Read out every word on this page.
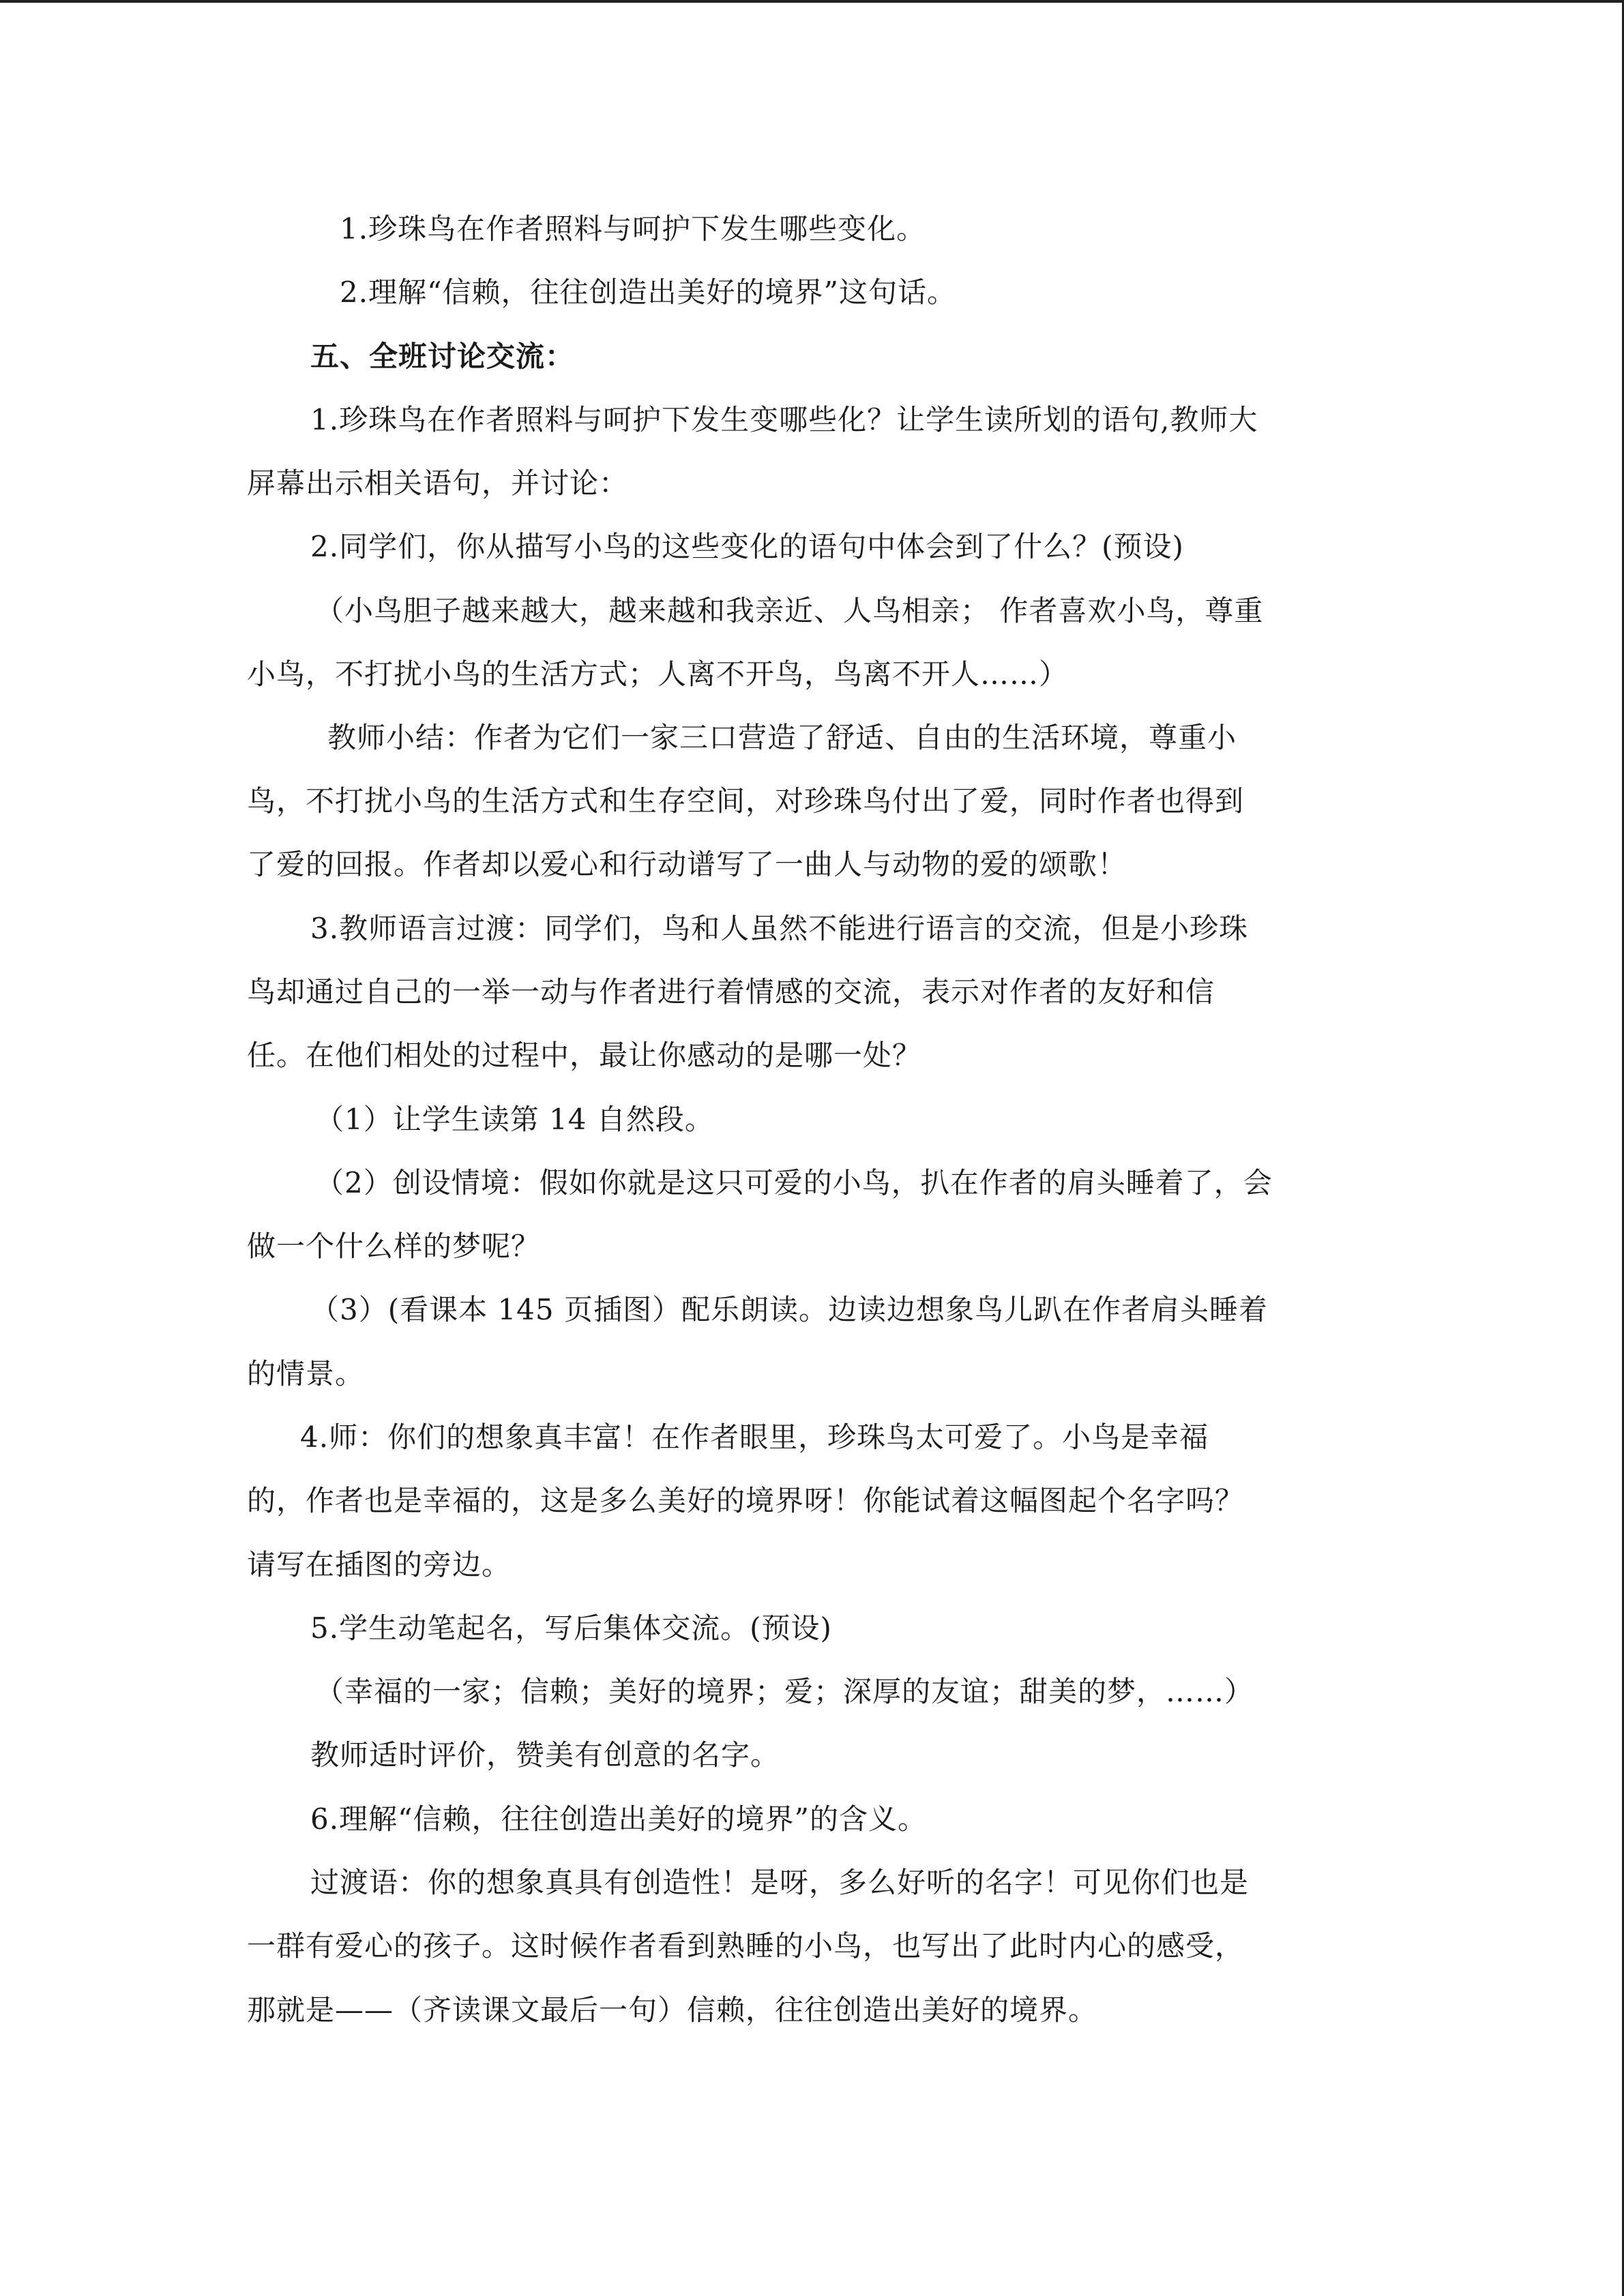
1.珍珠鸟在作者照料与呵护下发生哪些变化。
2.理解“信赖，往往创造出美好的境界”这句话。
五、全班讨论交流：
1.珍珠鸟在作者照料与呵护下发生变哪些化？让学生读所划的语句,教师大
屏幕出示相关语句，并讨论：
2.同学们，你从描写小鸟的这些变化的语句中体会到了什么？(预设)
（小鸟胆子越来越大，越来越和我亲近、人鸟相亲； 作者喜欢小鸟，尊重
小鸟，不打扰小鸟的生活方式；人离不开鸟，鸟离不开人……）
教师小结：作者为它们一家三口营造了舒适、自由的生活环境，尊重小
鸟，不打扰小鸟的生活方式和生存空间，对珍珠鸟付出了爱，同时作者也得到
了爱的回报。作者却以爱心和行动谱写了一曲人与动物的爱的颂歌！
3.教师语言过渡：同学们，鸟和人虽然不能进行语言的交流，但是小珍珠
鸟却通过自己的一举一动与作者进行着情感的交流，表示对作者的友好和信
任。在他们相处的过程中，最让你感动的是哪一处？
（1）让学生读第 14 自然段。
（2）创设情境：假如你就是这只可爱的小鸟，扒在作者的肩头睡着了，会
做一个什么样的梦呢？
（3）(看课本 145 页插图）配乐朗读。边读边想象鸟儿趴在作者肩头睡着
的情景。
4.师：你们的想象真丰富！在作者眼里，珍珠鸟太可爱了。小鸟是幸福
的，作者也是幸福的，这是多么美好的境界呀！你能试着这幅图起个名字吗？
请写在插图的旁边。
5.学生动笔起名，写后集体交流。(预设)
（幸福的一家；信赖；美好的境界；爱；深厚的友谊；甜美的梦，……）
教师适时评价，赞美有创意的名字。
6.理解“信赖，往往创造出美好的境界”的含义。
过渡语：你的想象真具有创造性！是呀，多么好听的名字！可见你们也是
一群有爱心的孩子。这时候作者看到熟睡的小鸟，也写出了此时内心的感受，
那就是——（齐读课文最后一句）信赖，往往创造出美好的境界。
